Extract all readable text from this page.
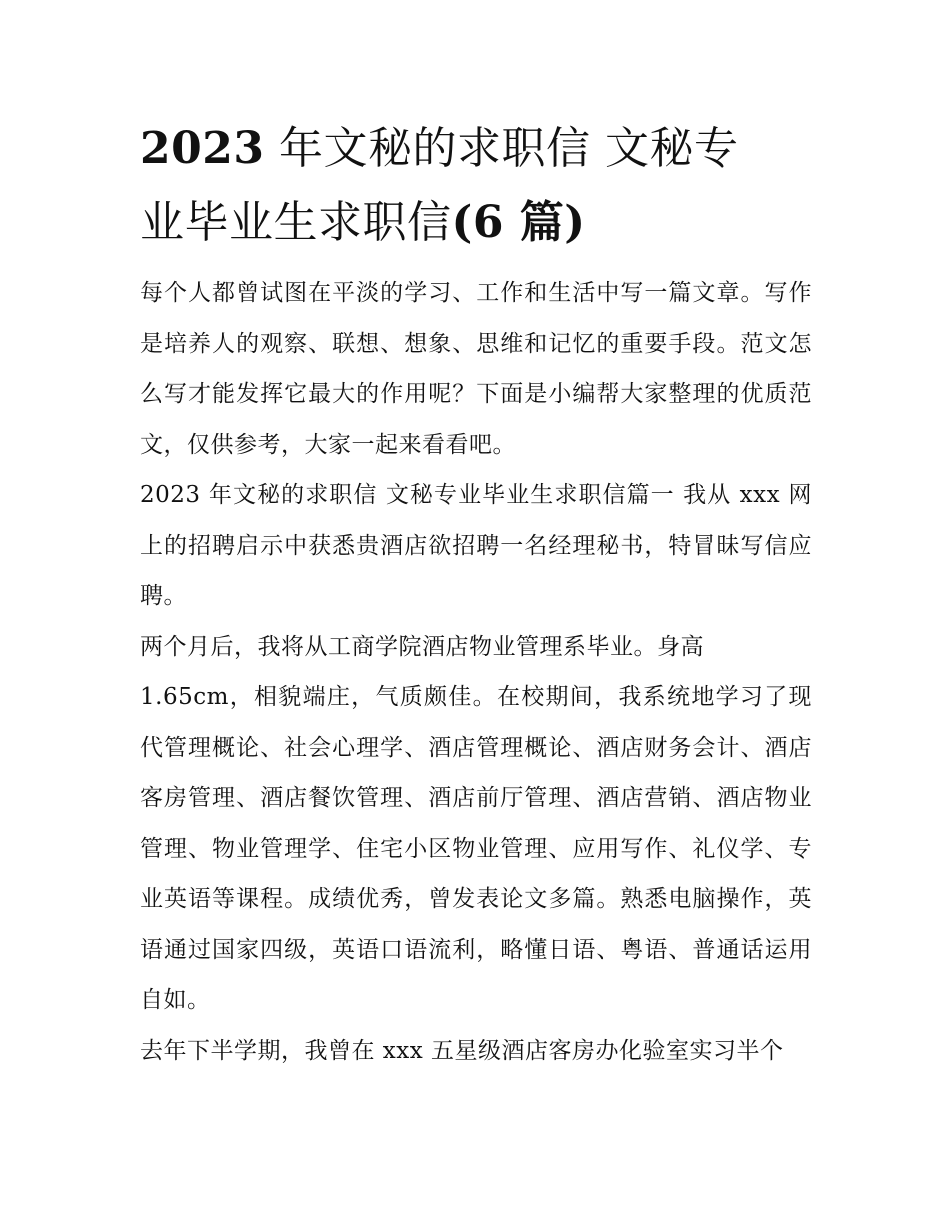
2023 年文秘的求职信 文秘专
业毕业生求职信(6 篇)

每个人都曾试图在平淡的学习、工作和生活中写一篇文章。写作是培养人的观察、联想、想象、思维和记忆的重要手段。范文怎么写才能发挥它最大的作用呢？下面是小编帮大家整理的优质范文，仅供参考，大家一起来看看吧。

2023 年文秘的求职信 文秘专业毕业生求职信篇一 我从 xxx 网上的招聘启示中获悉贵酒店欲招聘一名经理秘书，特冒昧写信应聘。

两个月后，我将从工商学院酒店物业管理系毕业。身高

1.65cm，相貌端庄，气质颇佳。在校期间，我系统地学习了现代管理概论、社会心理学、酒店管理概论、酒店财务会计、酒店客房管理、酒店餐饮管理、酒店前厅管理、酒店营销、酒店物业管理、物业管理学、住宅小区物业管理、应用写作、礼仪学、专业英语等课程。成绩优秀，曾发表论文多篇。熟悉电脑操作，英语通过国家四级，英语口语流利，略懂日语、粤语、普通话运用自如。

去年下半学期，我曾在 xxx 五星级酒店客房办化验室实习半个
